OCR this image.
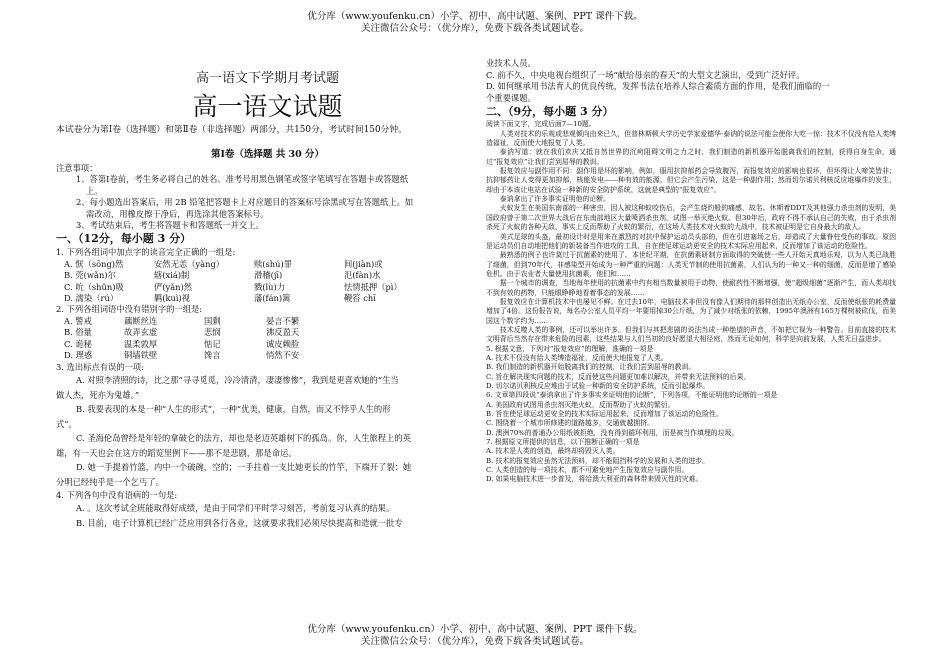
优分库（www.youfenku.cn）小学、初中、高中试题、案例、PPT 课件下载。
关注微信公众号：（优分库），免费下载各类试题试卷。
高一语文下学期月考试题
高一语文试题
本试卷分为第Ⅰ卷（选择题）和第Ⅱ卷（非选择题）两部分，共150分，考试时间150分钟。
第Ⅰ卷（选择题 共 30 分）
注意事项：
1、答第Ⅰ卷前，考生务必将自己的姓名、准考号用黑色钢笔或签字笔填写在答题卡或答题纸
上。
2、每小题选出答案后，用 2B 铅笔把答题卡上对应题目的答案标号涂黑或写在答题纸上。如
需改动，用橡皮擦干净后，再选涂其他答案标号。
3、考试结束后，考生将答题卡和答题纸一并交上。
一、（12分，每小题 3 分）
1. 下列各组词中加点字的读音完全正确的一组是:
A. 恹（sōng)然	安然无恙（yàng）	赎(shú)罪	间(jiàn)或
B. 莞(wǎn)尔	辖(xiá)制	滑稽(jī)	氾(fàn)水
C. 吮（shǔn)吸	俨(yǎn)然	戮(lù)力	怯情抵押（pì）
D. 濡染（rú）	羁(kuì)视	藩(fán)篱	鞭笞 chī
2. 下列各组词语中没有错别字的一组是:
A. 警戒	藕断丝连	国剩	晏言不繁
B. 俗量	故弄玄虚	悲悯	沸反盈天
C. 诡秘	温柔敦厚	惦记	诚皮赖脸
D. 理惑	铜墙铁壁	馋言	悄然不安
3. 选出标点有误的一项:
A. 对照李清照的诗，比之那“寻寻觅觅，冷冷清清，凄凄惨惨”，我到是更喜欢她的“生当
做人杰，死亦为鬼雄。”
B. 我要表现的本是一种“人生的形式”，一种“优美，健康，自然，而又不悖乎人生的形
式”。
C. 圣海伦岛曾经是年轻的拿破仑的法方，却也是老迈英雄树下的孤岛。你，人生旅程上的英
雄，有一天也会在这方的蹈览里例下——那不是悲剧，那是命运。
D. 她一手提着竹篮，内中一个破碗，空的；一手拄着一支比她更长的竹竿，下端开了裂：她
分明已经纯乎是一个乞丐了。
4. 下列各句中没有语病的一句是:
A. 。这次考试全班能取得好成绩，是由于同学们平时学习刻苦，考前复习认真的结果。
B. 目前，电子计算机已经广泛应用到各行各业，这就要求我们必须尽快提高和造就一批专
业技术人员。
C. 前不久，中央电视台组织了一场“献给母亲的春天”的大型文艺演出，受到广泛好评。
D. 如何继承用书法育人的优良传统，发挥书法在培养人综合素质方面的作用，是我们面临的一
个重要课题。
二、（9分，每小题 3 分）
阅读下面文字，完成后面7—10题。

人类对技术的乐观或悲观倾向由来已久，但普林斯顿大学历史学家爱德华·泰讷的说法可能会使你大吃一惊：技术不仅没有给人类缚造福祉，反而使大地报复了人类。

泰讷写道：就在我们欢庆又抵自然世界的沉疴阻碍文明之力之时，我们制造的新机器开始脱离我们的控制，获得自身生命，通过“报复效应”让我们尝到屈辱的教训。

报复效应与副作用不同：副作用是坏的影响，例如，服用抗抑郁药会导致腹泻，而报复效应的影响也很坏，但坏得让人啼笑皆非；抗抑郁药让人变得更加抑郁，核能发电——种有效的能源，但它会产生污染，这是一种副作用；然而切尔诺贝利核反应堆爆炸的发生，却由于本该让电站在试验一种新的安全防护系统，这就是典型的“报复效应”。

泰讷拿出了许多事实证明他的论断。

火蚁发生在美国东南部的一种害虫，因人被这种蚁咬伤后，会产生烧灼般的痛感，故名。休斯着DDT及其他强力杀虫剂的发明，美国政府曾于第二次世界大战后在东南部地区大量喷洒杀虫剂，试图一举灭绝火蚁。但30年后，政府不得不承认自己的失败，由于杀虫剂杀死了火蚁的各种天敌，事实上反而帮助了火蚁的繁衍，在这场人类技术对火蚁的大战中，技术被证明是它自身最大的敌人。

美式足球的头盔，最初设计时是用来在激烈的对抗中保护运动员头部的，但在引进塞场之后，却造成了大量脊柱受伤的事故。原因是运动员们自动地把他们的新装备当作进攻的工具，自在使足球运动更安全的技术实际应用起来，反而增加了该运动的危险性。

最熟悉的例子也许莫过于抗菌素的使用了。本世纪平期，在抗菌素研制方面取得的突破使一些人开始天真地乐观，以为人类已战胜了细菌，但到70年代，非感染型开始成为一种严重的问题：人类无节制的使用抗菌素，人们认为的一种又一种的细菌，反而是增了感染危机。由于农业者大量使用抗菌素，他们和……

据一个城市的调查，当地每年使用的抗菌素中约有相当数量被用于动物，使耐药性不断增强，使“超级细菌”逐渐产生，而人类却找不到有效的药物，只能眼睁睁地看着事态的发展……

报复效应在计算机技术中也屡见不鲜。在过去10年，电脑技术非但没有像人们期待的那样创造出无纸办公室，反而使纸张的耗费量增加了4倍。这份报告说，每名办公室人员平均一年要用掉30公斤纸，为了减少对纸张的依赖，1995年澳洲有165万棵树被砍伐，而美国这个数字约为……

技术反噬人类的事例，还可以举出许多。但我们与其把悲剧的说法当成一种绝望的声音，不如把它视为一种警告。目前直接的技术文明背后当然存在带来危险的因素，这些结果与人们当初的良好愿望大相径庭，然而无论如何，科学是向前发展，人类无日益进步。

5. 根据文意，下列对“报复效应”的理解，准确的一项是
A. 技术不仅没有给人类缚造福祉，反而使大地报复了人类。
B. 我们制造的新机器开始脱离我们的控制，让我们尝到屈辱的教训。
C. 旨在解决现实问题的技术，反而使这些问题更加难以解决，并带来无法预料的后果。
D. 切尔诺贝利核反应堆由于试验一种新的安全防护系统，反而引起爆炸。
6. 文章第四段说“泰讷拿出了许多事实来证明他的论断”，下列各项，不能证明他的论断的一项是
A. 美国政府试图用杀虫剂灭绝火蚁，反而帮助了火蚁的繁衍。
B. 旨在使足球运动更安全的技术实际运用起来，反而增加了该运动的危险性。
C. 围绕着一个城市所修建的道路越多，交通就越拥挤。
D. 澳洲70%的普通办公用纸被拒绝，没有得到循环利用，而是被当作填埋的垃圾。
7. 根据原文所提供的信息，以下推断正确的一项是
A. 技术是人类的创造，最终却将毁灭人类。
B. 技术的报复效应虽然无法预料，却不能阻挡科学的发展和人类的进步。
C. 人类创造的每一项技术，都不可避免地产生报复效应与副作用。
D. 如果电脑技术进一步普及，将给澳大利亚的森林带来毁灭性的灾难。
优分库（www.youfenku.cn）小学、初中、高中试题、案例、PPT 课件下载。
关注微信公众号：（优分库），免费下载各类试题试卷。
